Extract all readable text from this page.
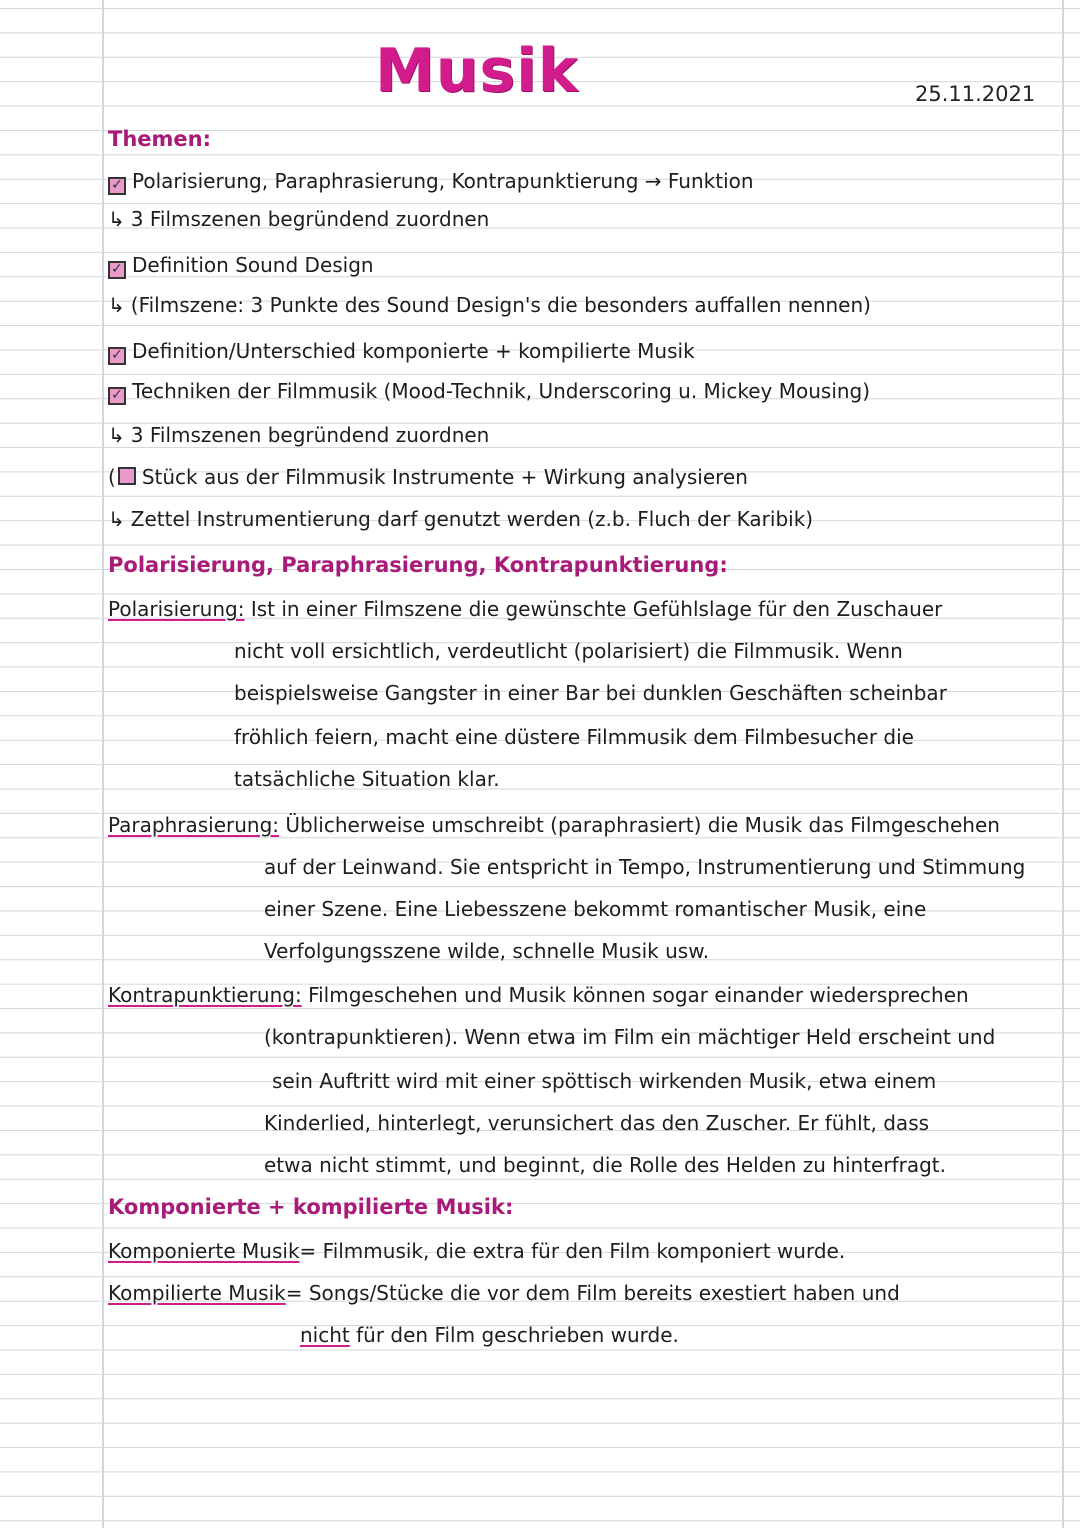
Musik	25.11.2021
Themen:
✓ Polarisierung, Paraphrasierung, Kontrapunktierung → Funktion
↳ 3 Filmszenen begründend zuordnen
✓ Definition Sound Design
↳ (Filmszene: 3 Punkte des Sound Design's die besonders auffallen nennen)
✓ Definition/Unterschied komponierte + kompilierte Musik
✓ Techniken der Filmmusik (Mood-Technik, Underscoring u. Mickey Mousing)
↳ 3 Filmszenen begründend zuordnen
( Stück aus der Filmmusik Instrumente + Wirkung analysieren
↳ Zettel Instrumentierung darf genutzt werden (z.b. Fluch der Karibik)
Polarisierung, Paraphrasierung, Kontrapunktierung:
Polarisierung: Ist in einer Filmszene die gewünschte Gefühlslage für den Zuschauer
nicht voll ersichtlich, verdeutlicht (polarisiert) die Filmmusik. Wenn
beispielsweise Gangster in einer Bar bei dunklen Geschäften scheinbar
fröhlich feiern, macht eine düstere Filmmusik dem Filmbesucher die
tatsächliche Situation klar.
Paraphrasierung: Üblicherweise umschreibt (paraphrasiert) die Musik das Filmgeschehen
auf der Leinwand. Sie entspricht in Tempo, Instrumentierung und Stimmung
einer Szene. Eine Liebesszene bekommt romantischer Musik, eine
Verfolgungsszene wilde, schnelle Musik usw.
Kontrapunktierung: Filmgeschehen und Musik können sogar einander wiedersprechen
(kontrapunktieren). Wenn etwa im Film ein mächtiger Held erscheint und
sein Auftritt wird mit einer spöttisch wirkenden Musik, etwa einem
Kinderlied, hinterlegt, verunsichert das den Zuscher. Er fühlt, dass
etwa nicht stimmt, und beginnt, die Rolle des Helden zu hinterfragt.
Komponierte + kompilierte Musik:
Komponierte Musik= Filmmusik, die extra für den Film komponiert wurde.
Kompilierte Musik= Songs/Stücke die vor dem Film bereits exestiert haben und
nicht für den Film geschrieben wurde.
